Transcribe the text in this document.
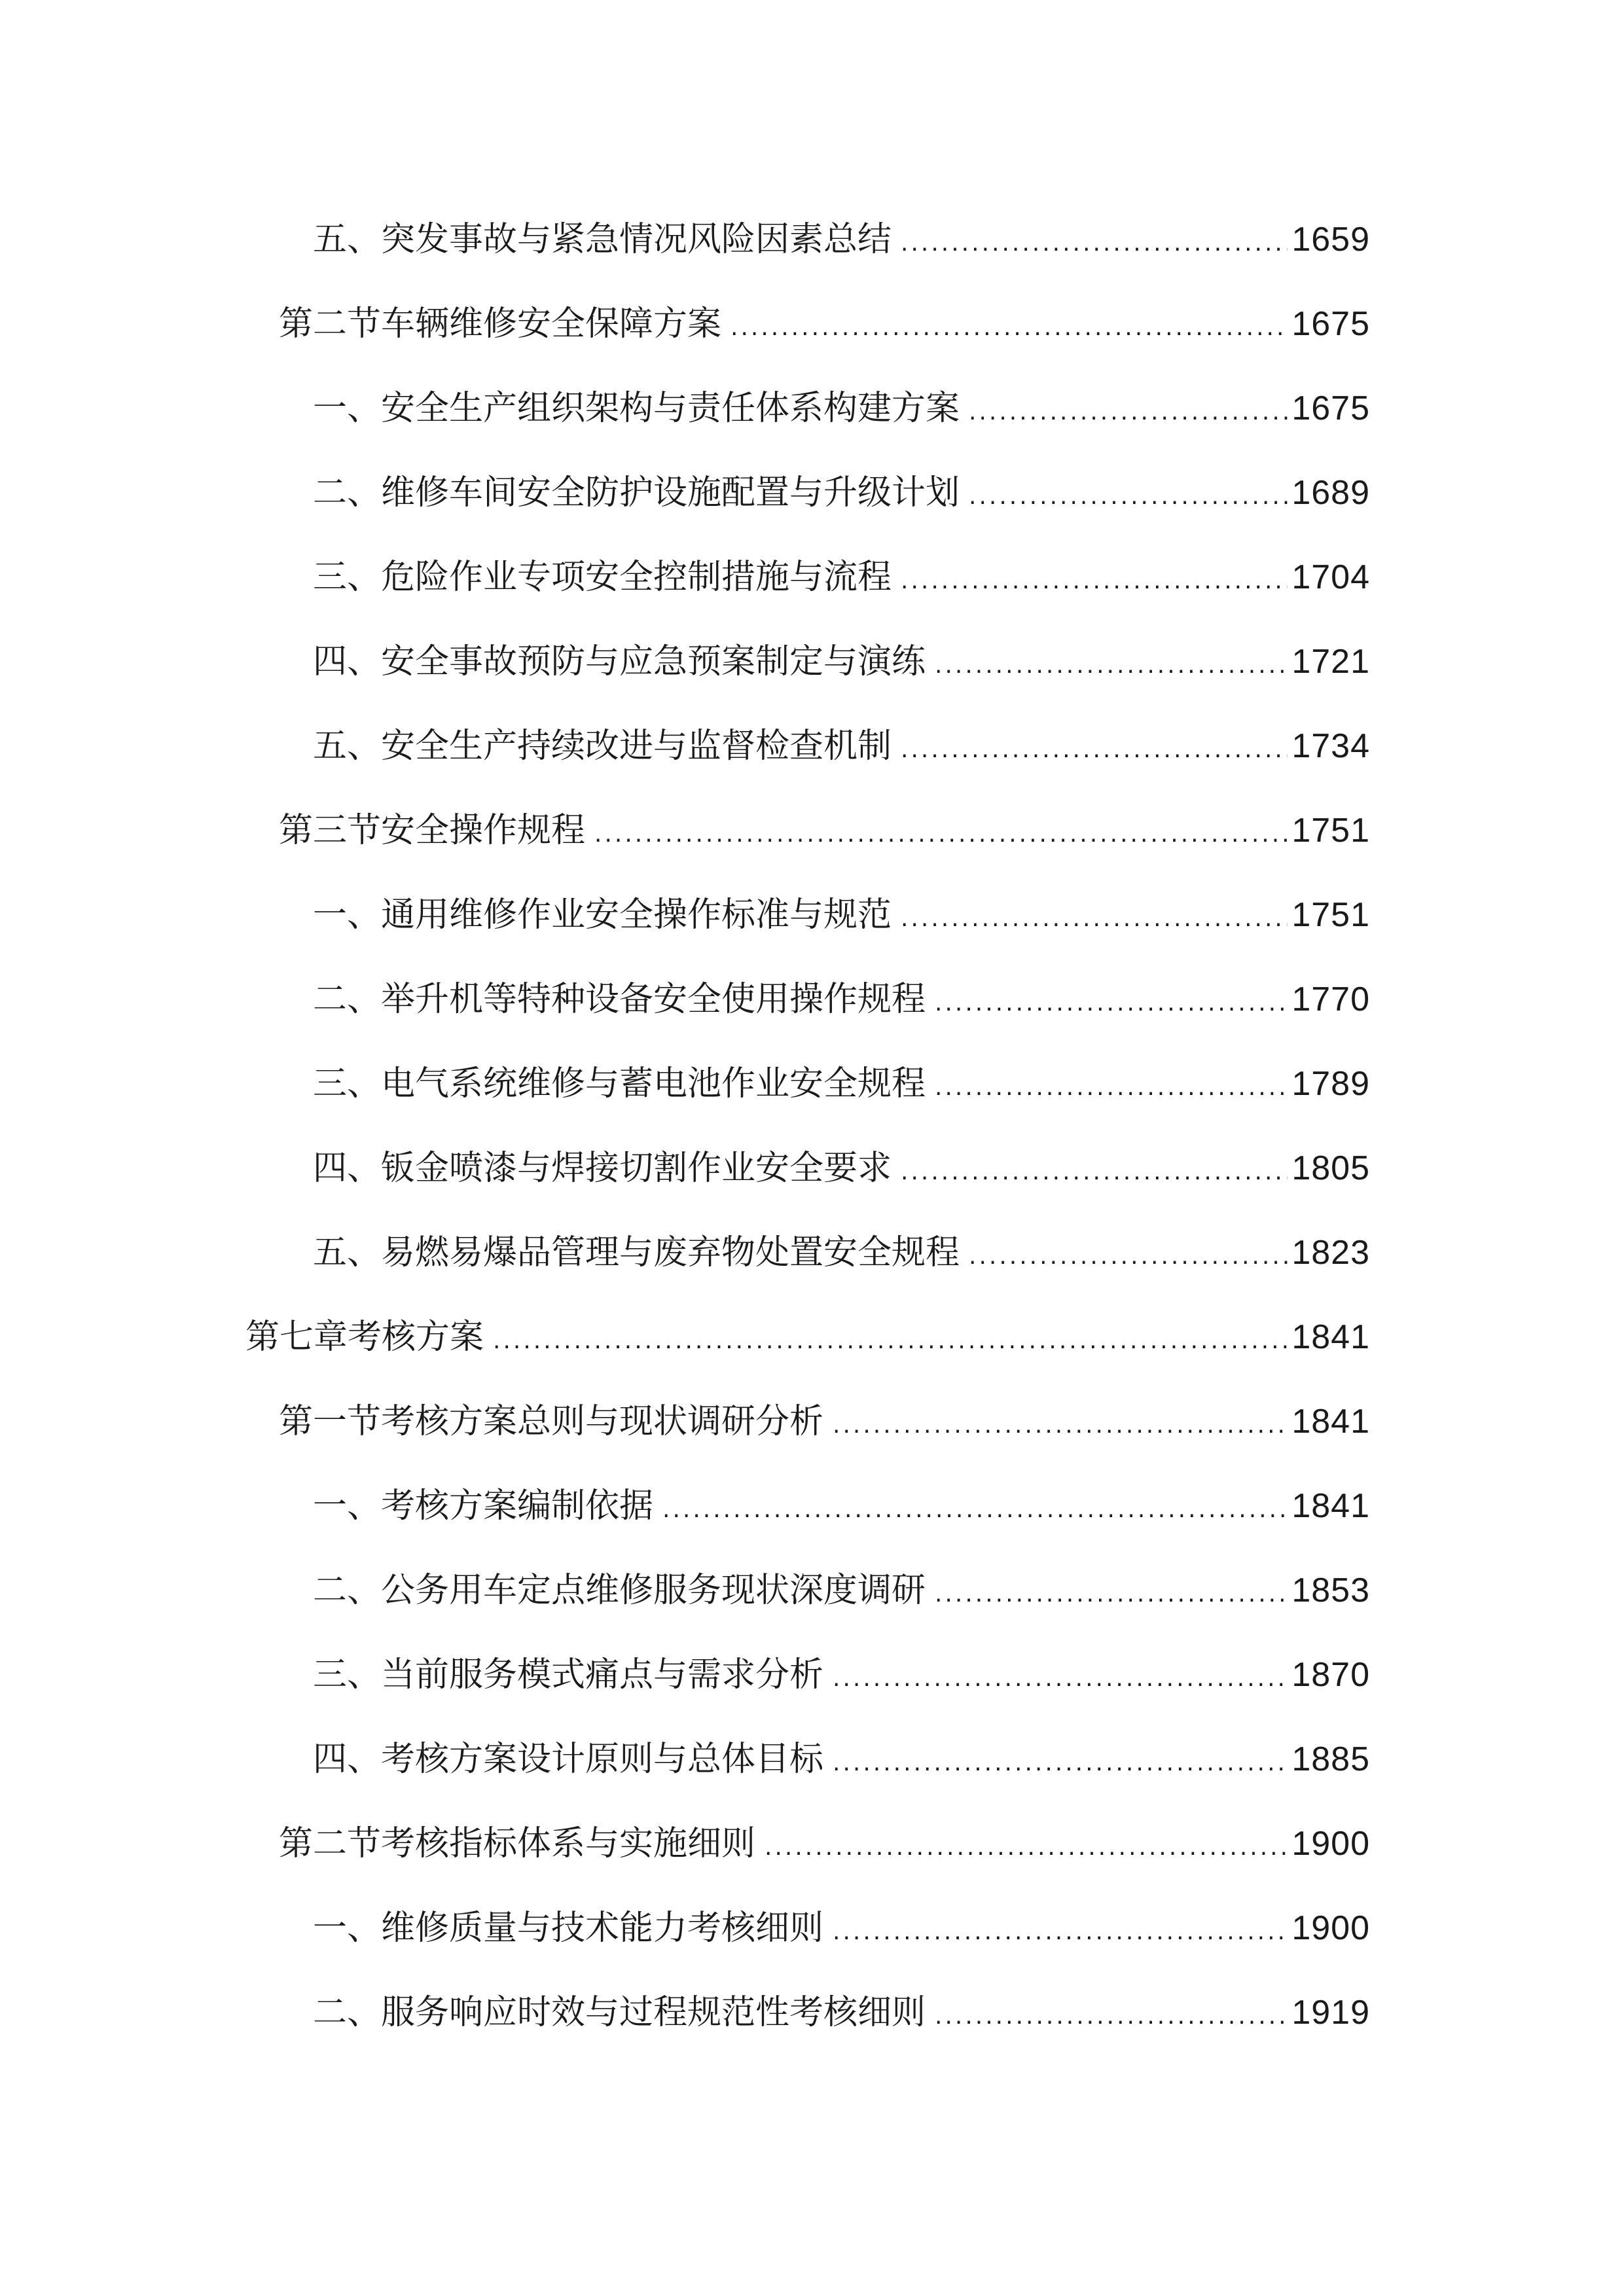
五、突发事故与紧急情况风险因素总结 .....	1659
第二节车辆维修安全保障方案 .....	1675
一、安全生产组织架构与责任体系构建方案 .....	1675
二、维修车间安全防护设施配置与升级计划 .....	1689
三、危险作业专项安全控制措施与流程 .....	1704
四、安全事故预防与应急预案制定与演练 .....	1721
五、安全生产持续改进与监督检查机制 .....	1734
第三节安全操作规程 .....	1751
一、通用维修作业安全操作标准与规范 .....	1751
二、举升机等特种设备安全使用操作规程 .....	1770
三、电气系统维修与蓄电池作业安全规程 .....	1789
四、钣金喷漆与焊接切割作业安全要求 .....	1805
五、易燃易爆品管理与废弃物处置安全规程 .....	1823
第七章考核方案 .....	1841
第一节考核方案总则与现状调研分析 .....	1841
一、考核方案编制依据 .....	1841
二、公务用车定点维修服务现状深度调研 .....	1853
三、当前服务模式痛点与需求分析 .....	1870
四、考核方案设计原则与总体目标 .....	1885
第二节考核指标体系与实施细则 .....	1900
一、维修质量与技术能力考核细则 .....	1900
二、服务响应时效与过程规范性考核细则 .....	1919
